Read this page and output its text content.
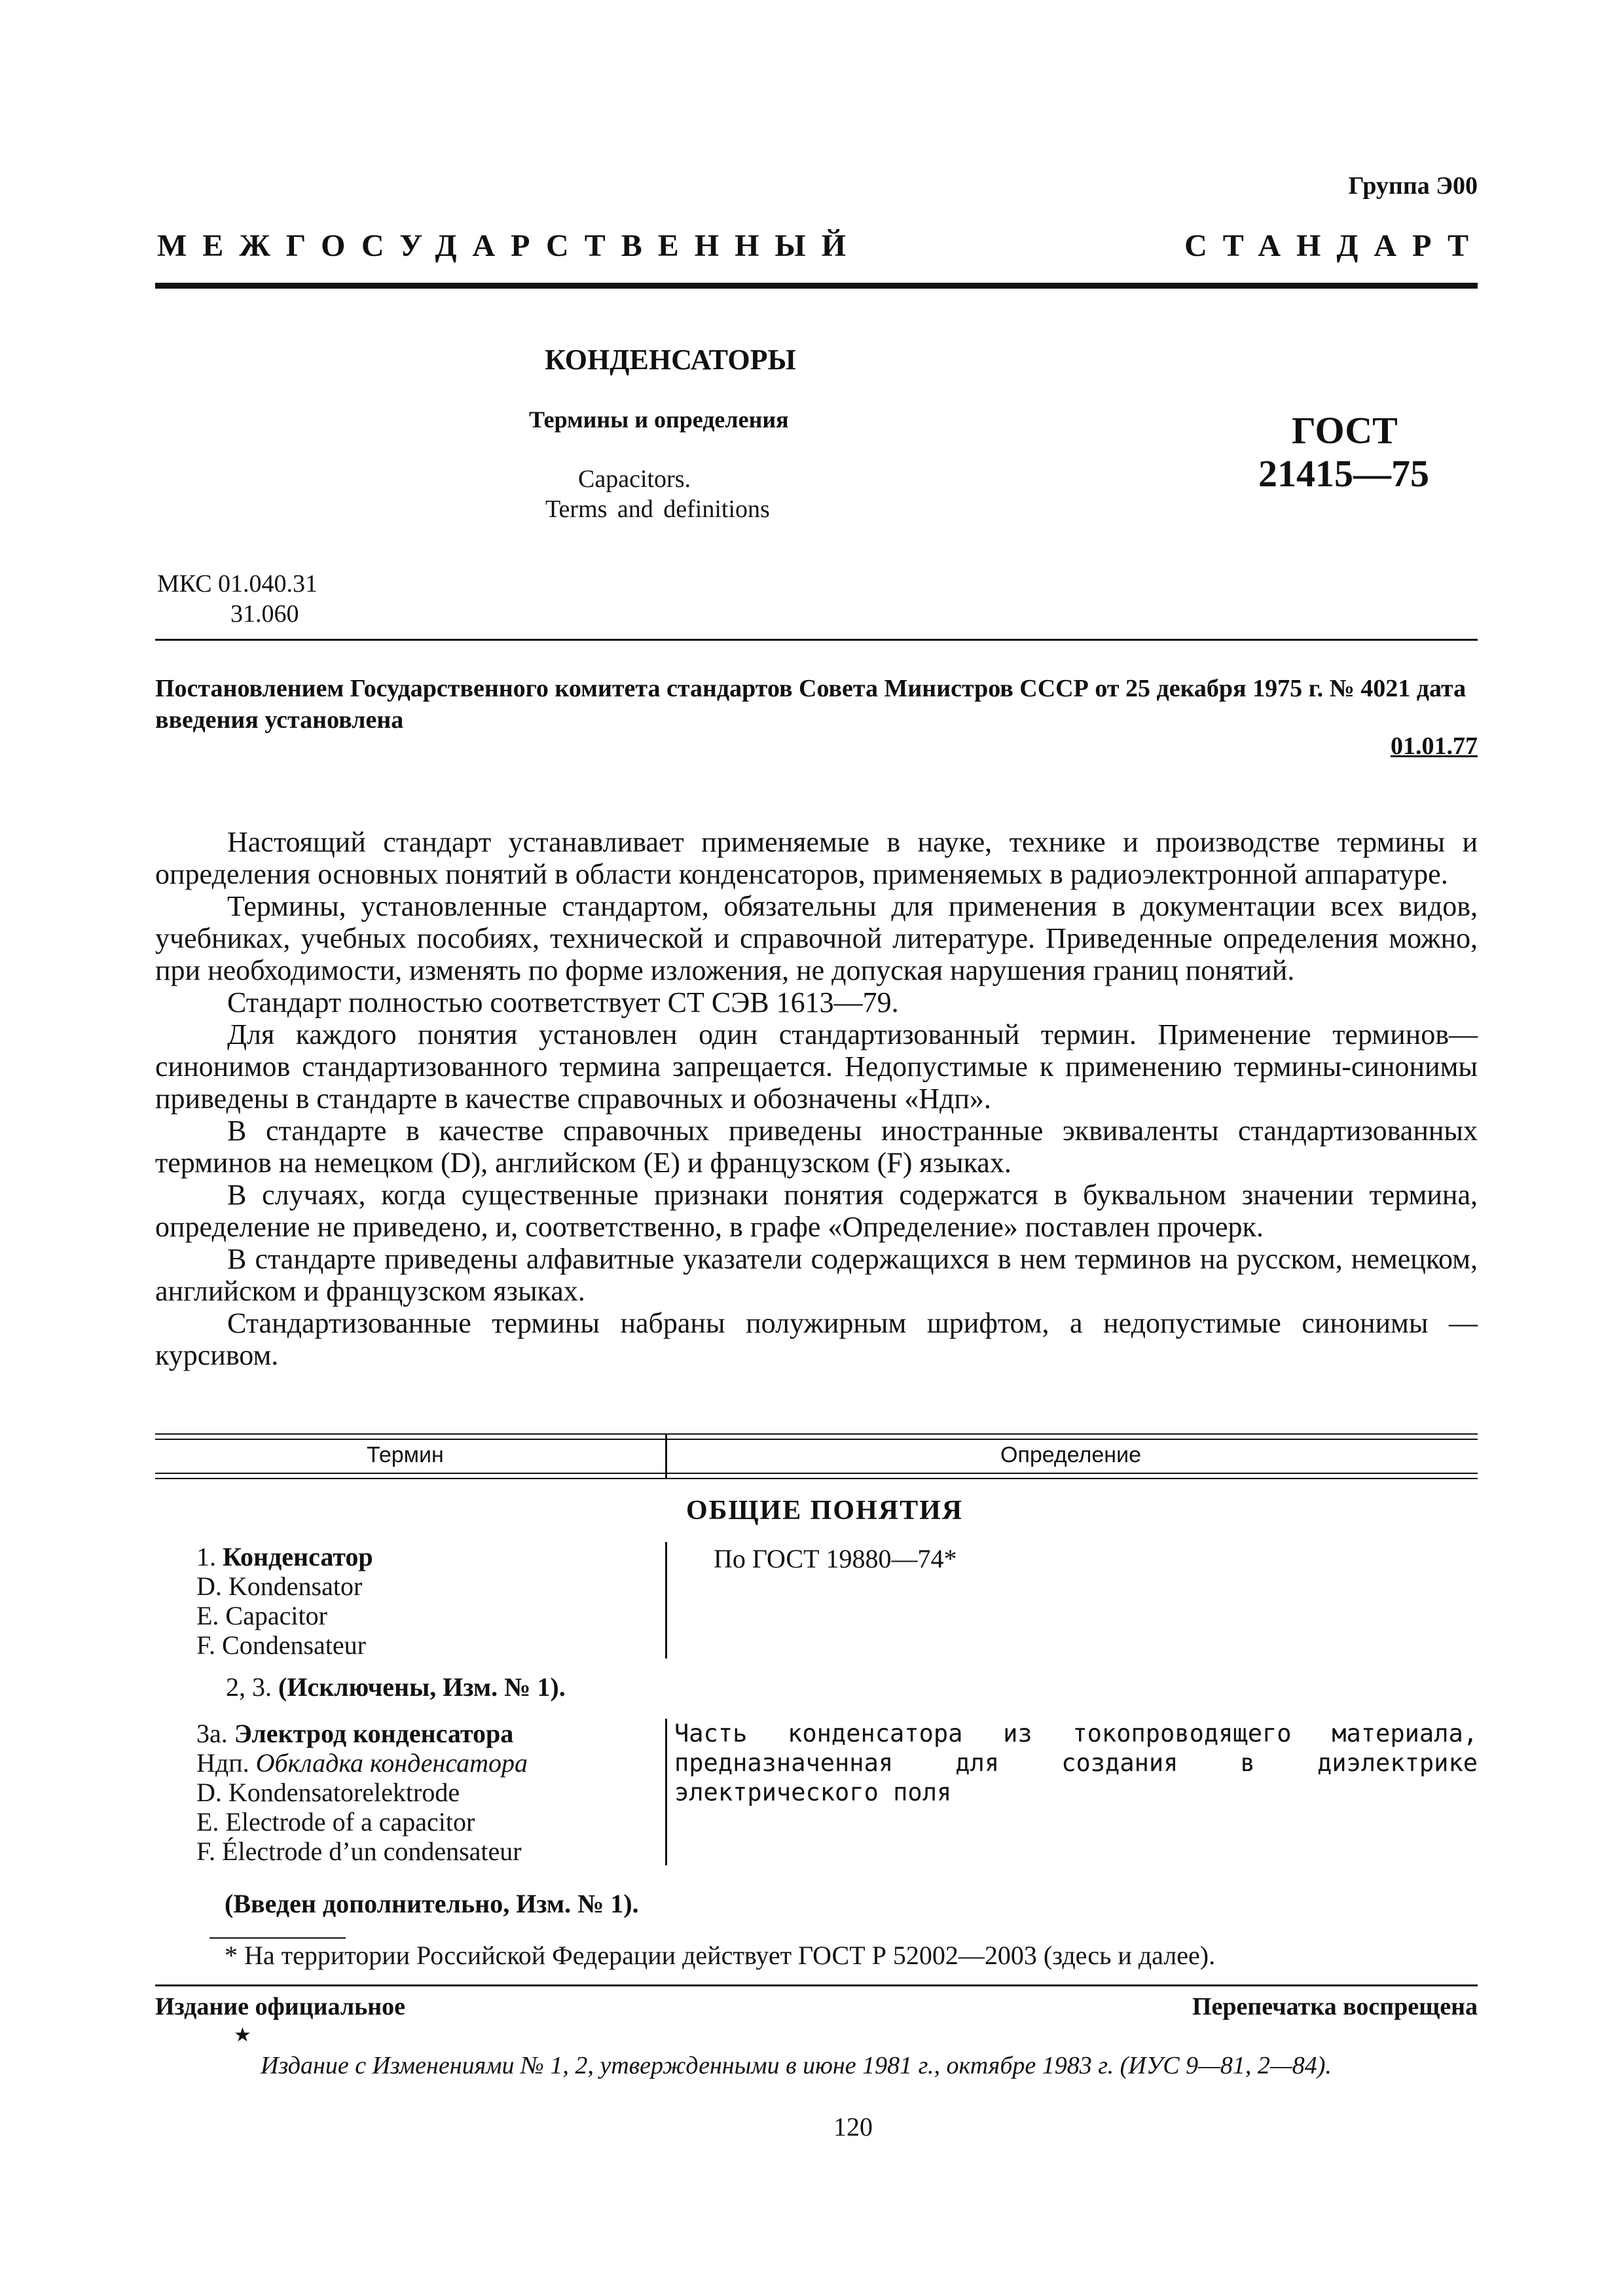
Группа Э00
МЕЖГОСУДАРСТВЕННЫЙ	СТАНДАРТ
КОНДЕНСАТОРЫ
Термины и определения
Capacitors.
Terms and definitions
ГОСТ
21415—75
МКС 01.040.31
31.060
Постановлением Государственного комитета стандартов Совета Министров СССР от 25 декабря 1975 г. № 4021 дата введения установлена
01.01.77

Настоящий стандарт устанавливает применяемые в науке, технике и производстве термины и определения основных понятий в области конденсаторов, применяемых в радиоэлектронной аппаратуре.

Термины, установленные стандартом, обязательны для применения в документации всех видов, учебниках, учебных пособиях, технической и справочной литературе. Приведенные определения можно, при необходимости, изменять по форме изложения, не допуская нарушения границ понятий.

Стандарт полностью соответствует СТ СЭВ 1613—79.

Для каждого понятия установлен один стандартизованный термин. Применение терминов—синонимов стандартизованного термина запрещается. Недопустимые к применению термины-синонимы приведены в стандарте в качестве справочных и обозначены «Ндп».

В стандарте в качестве справочных приведены иностранные эквиваленты стандартизованных терминов на немецком (D), английском (E) и французском (F) языках.

В случаях, когда существенные признаки понятия содержатся в буквальном значении термина, определение не приведено, и, соответственно, в графе «Определение» поставлен прочерк.

В стандарте приведены алфавитные указатели содержащихся в нем терминов на русском, немецком, английском и французском языках.

Стандартизованные термины набраны полужирным шрифтом, а недопустимые синонимы — курсивом.

Термин	Определение
ОБЩИЕ ПОНЯТИЯ
1. Конденсатор
D. Kondensator
E. Capacitor
F. Condensateur
По ГОСТ 19880—74*
2, 3. (Исключены, Изм. № 1).
3а. Электрод конденсатора
Ндп. Обкладка конденсатора
D. Kondensatorelektrode
E. Electrode of a capacitor
F. Électrode d’un condensateur
Часть конденсатора из токопроводящего материала, предназначенная для создания в диэлектрике электрического поля
(Введен дополнительно, Изм. № 1).
* На территории Российской Федерации действует ГОСТ Р 52002—2003 (здесь и далее).
Издание официальное	Перепечатка воспрещена
★
Издание с Изменениями № 1, 2, утвержденными в июне 1981 г., октябре 1983 г. (ИУС 9—81, 2—84).
120
